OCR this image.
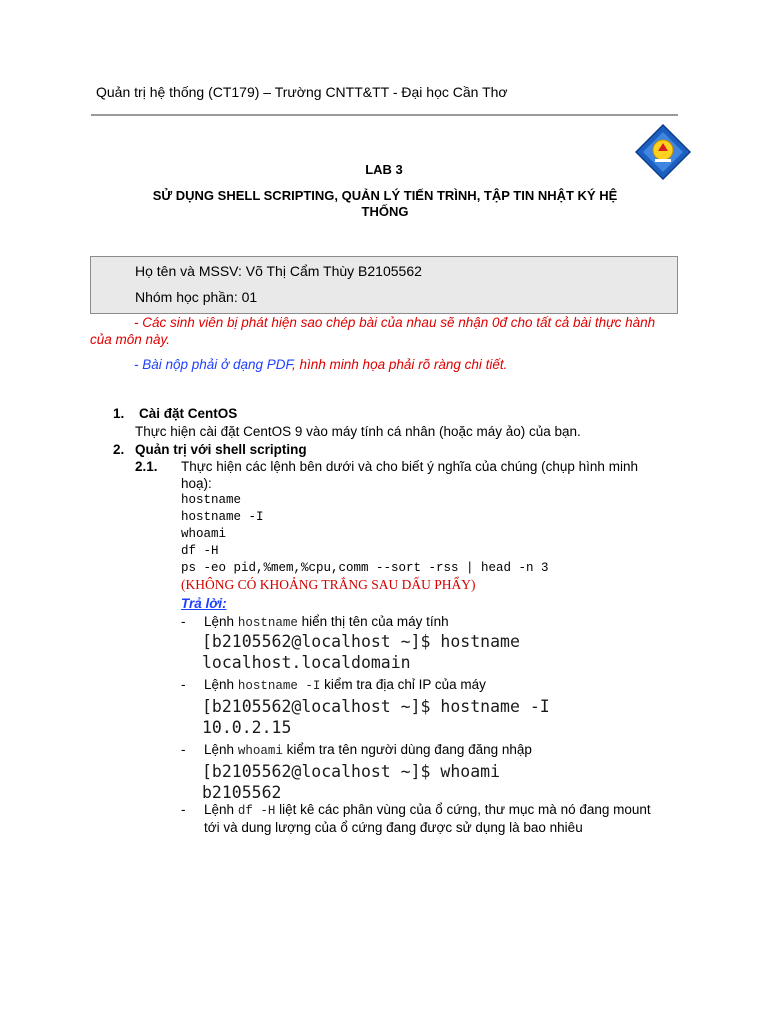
Quản trị hệ thống (CT179) – Trường CNTT&TT - Đại học Cần Thơ
LAB 3
SỬ DỤNG SHELL SCRIPTING, QUẢN LÝ TIẾN TRÌNH, TẬP TIN NHẬT KÝ HỆ
THỐNG
Họ tên và MSSV: Võ Thị Cẩm Thùy B2105562
Nhóm học phần: 01
- Các sinh viên bị phát hiện sao chép bài của nhau sẽ nhận 0đ cho tất cả bài thực hành
của môn này.
- Bài nộp phải ở dạng PDF, hình minh họa phải rõ ràng chi tiết.
1. Cài đặt CentOS
Thực hiện cài đặt CentOS 9 vào máy tính cá nhân (hoặc máy ảo) của bạn.
2. Quản trị với shell scripting
2.1. Thực hiện các lệnh bên dưới và cho biết ý nghĩa của chúng (chụp hình minh
hoạ):
hostname
hostname -I
whoami
df -H
ps -eo pid,%mem,%cpu,comm --sort -rss | head -n 3
(KHÔNG CÓ KHOẢNG TRẮNG SAU DẤU PHẨY)
Trả lời:
- Lệnh hostname hiển thị tên của máy tính
[b2105562@localhost ~]$ hostname
localhost.localdomain
- Lệnh hostname -I kiểm tra địa chỉ IP của máy
[b2105562@localhost ~]$ hostname -I
10.0.2.15
- Lệnh whoami kiểm tra tên người dùng đang đăng nhập
[b2105562@localhost ~]$ whoami
b2105562
- Lệnh df -H liệt kê các phân vùng của ổ cứng, thư mục mà nó đang mount
tới và dung lượng của ổ cứng đang được sử dụng là bao nhiêu
